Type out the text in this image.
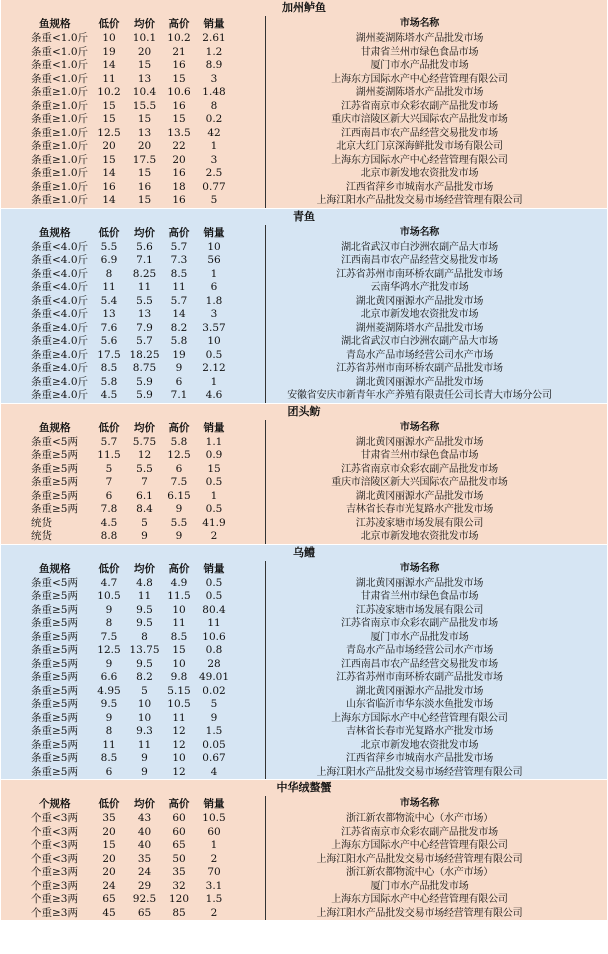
加州鲈鱼
鱼规格	低价	均价	高价	销量	市场名称
条重<1.0斤	10	10.1	10.2	2.61	湖州菱湖陈塔水产品批发市场
条重<1.0斤	19	20	21	1.2	甘肃省兰州市绿色食品市场
条重<1.0斤	14	15	16	8.9	厦门市水产品批发市场
条重<1.0斤	11	13	15	3	上海东方国际水产中心经营管理有限公司
条重≥1.0斤 10.2	10.4	10.6	1.48	湖州菱湖陈塔水产品批发市场
条重≥1.0斤	15	15.5	16	8	江苏省南京市众彩农副产品批发市场
条重≥1.0斤	15	15	15	0.2	重庆市涪陵区新大兴国际农产品批发市场
条重≥1.0斤 12.5	13	13.5	42	江西南昌市农产品经营交易批发市场
条重≥1.0斤	20	20	22	1	北京大红门京深海鲜批发市场有限公司
条重≥1.0斤	15	17.5	20	3	上海东方国际水产中心经营管理有限公司
条重≥1.0斤	14	15	16	2.5	北京市新发地农资批发市场
条重≥1.0斤	16	16	18	0.77	江西省萍乡市城南水产品批发市场
条重≥1.0斤	14	15	16	5	上海江阳水产品批发交易市场经营管理有限公司
青鱼
鱼规格	低价	均价	高价	销量	市场名称
条重<4.0斤	5.5	5.6	5.7	10	湖北省武汉市白沙洲农副产品大市场
条重<4.0斤	6.9	7.1	7.3	56	江西南昌市农产品经营交易批发市场
条重<4.0斤	8	8.25	8.5	1	江苏省苏州市南环桥农副产品批发市场
条重<4.0斤	11	11	11	6	云南华鸿水产批发市场
条重<4.0斤	5.4	5.5	5.7	1.8	湖北黄冈丽源水产品批发市场
条重<4.0斤	13	13	14	3	北京市新发地农资批发市场
条重≥4.0斤	7.6	7.9	8.2	3.57	湖州菱湖陈塔水产品批发市场
条重≥4.0斤	5.6	5.7	5.8	10	湖北省武汉市白沙洲农副产品大市场
条重≥4.0斤 17.5 18.25	19	0.5	青岛水产品市场经营公司水产市场
条重≥4.0斤	8.5	8.75	9	2.12	江苏省苏州市南环桥农副产品批发市场
条重≥4.0斤	5.8	5.9	6	1	湖北黄冈丽源水产品批发市场
条重≥4.0斤	4.5	5.9	7.1	4.6	安徽省安庆市新青年水产养殖有限责任公司长青大市场分公司
团头鲂
鱼规格	低价	均价	高价	销量	市场名称
条重<5两	5.7	5.75	5.8	1.1	湖北黄冈丽源水产品批发市场
条重≥5两	11.5	12	12.5	0.9	甘肃省兰州市绿色食品市场
条重≥5两	5	5.5	6	15	江苏省南京市众彩农副产品批发市场
条重≥5两	7	7	7.5	0.5	重庆市涪陵区新大兴国际农产品批发市场
条重≥5两	6	6.1	6.15	1	湖北黄冈丽源水产品批发市场
条重≥5两	7.8	8.4	9	0.5	吉林省长春市光复路水产批发市场
统货	4.5	5	5.5	41.9	江苏凌家塘市场发展有限公司
统货	8.8	9	9	2	北京市新发地农资批发市场
乌鳢
鱼规格	低价	均价	高价	销量	市场名称
条重<5两	4.7	4.8	4.9	0.5	湖北黄冈丽源水产品批发市场
条重≥5两	10.5	11	11.5	0.5	甘肃省兰州市绿色食品市场
条重≥5两	9	9.5	10	80.4	江苏凌家塘市场发展有限公司
条重≥5两	8	9.5	11	11	江苏省南京市众彩农副产品批发市场
条重≥5两	7.5	8	8.5	10.6	厦门市水产品批发市场
条重≥5两	12.5 13.75	15	0.8	青岛水产品市场经营公司水产市场
条重≥5两	9	9.5	10	28	江西南昌市农产品经营交易批发市场
条重≥5两	6.6	8.2	9.8	49.01	江苏省苏州市南环桥农副产品批发市场
条重≥5两	4.95	5	5.15	0.02	湖北黄冈丽源水产品批发市场
条重≥5两	9.5	10	10.5	5	山东省临沂市华东淡水鱼批发市场
条重≥5两	9	10	11	9	上海东方国际水产中心经营管理有限公司
条重≥5两	8	9.3	12	1.5	吉林省长春市光复路水产批发市场
条重≥5两	11	11	12	0.05	北京市新发地农资批发市场
条重≥5两	8.5	9	10	0.67	江西省萍乡市城南水产品批发市场
条重≥5两	6	9	12	4	上海江阳水产品批发交易市场经营管理有限公司
中华绒螯蟹
个规格	低价	均价	高价	销量	市场名称
个重<3两	35	43	60	10.5	浙江新农都物流中心（水产市场）
个重<3两	20	40	60	60	江苏省南京市众彩农副产品批发市场
个重<3两	15	40	65	1	上海东方国际水产中心经营管理有限公司
个重<3两	20	35	50	2	上海江阳水产品批发交易市场经营管理有限公司
个重≥3两	20	24	35	70	浙江新农都物流中心（水产市场）
个重≥3两	24	29	32	3.1	厦门市水产品批发市场
个重≥3两	65	92.5	120	1.5	上海东方国际水产中心经营管理有限公司
个重≥3两	45	65	85	2	上海江阳水产品批发交易市场经营管理有限公司
